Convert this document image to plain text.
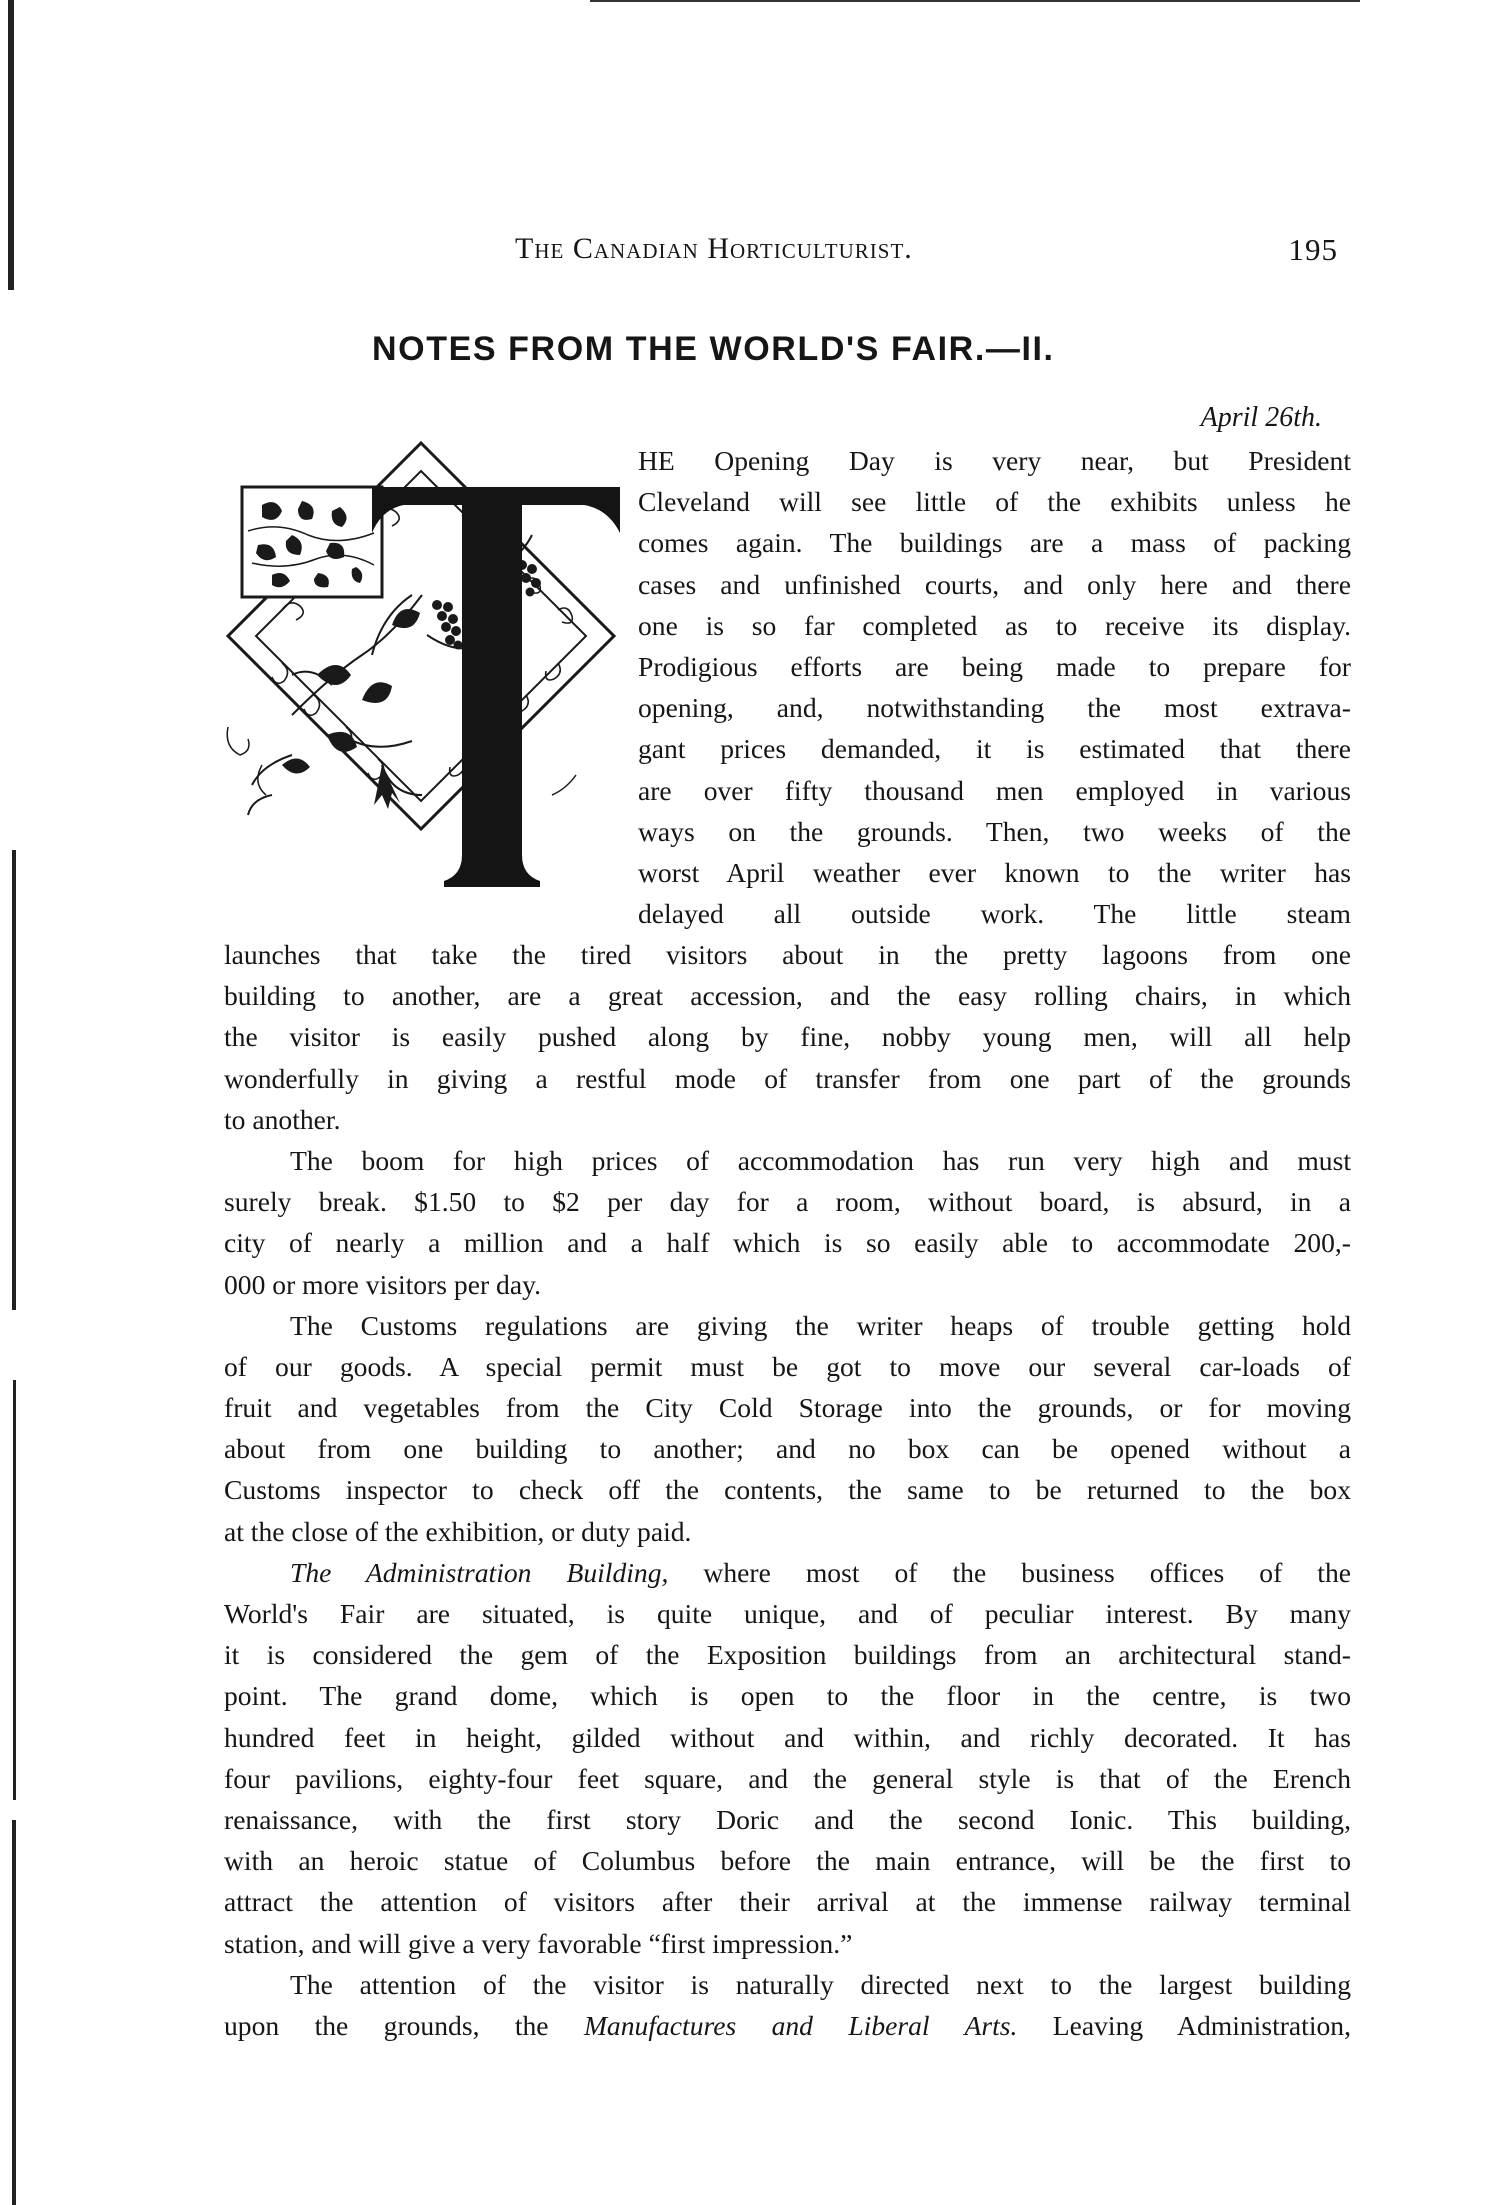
The Canadian Horticulturist.	195
NOTES FROM THE WORLD'S FAIR.—II.
April 26th.
HE Opening Day is very near, but President
Cleveland will see little of the exhibits unless he
comes again. The buildings are a mass of packing
cases and unfinished courts, and only here and there
one is so far completed as to receive its display.
Prodigious efforts are being made to prepare for
opening, and, notwithstanding the most extrava-
gant prices demanded, it is estimated that there
are over fifty thousand men employed in various
ways on the grounds. Then, two weeks of the
worst April weather ever known to the writer has
delayed all outside work. The little steam
launches that take the tired visitors about in the pretty lagoons from one
building to another, are a great accession, and the easy rolling chairs, in which
the visitor is easily pushed along by fine, nobby young men, will all help
wonderfully in giving a restful mode of transfer from one part of the grounds
to another.
The boom for high prices of accommodation has run very high and must
surely break. $1.50 to $2 per day for a room, without board, is absurd, in a
city of nearly a million and a half which is so easily able to accommodate 200,-
000 or more visitors per day.
The Customs regulations are giving the writer heaps of trouble getting hold
of our goods. A special permit must be got to move our several car-loads of
fruit and vegetables from the City Cold Storage into the grounds, or for moving
about from one building to another; and no box can be opened without a
Customs inspector to check off the contents, the same to be returned to the box
at the close of the exhibition, or duty paid.
The Administration Building, where most of the business offices of the
World's Fair are situated, is quite unique, and of peculiar interest. By many
it is considered the gem of the Exposition buildings from an architectural stand-
point. The grand dome, which is open to the floor in the centre, is two
hundred feet in height, gilded without and within, and richly decorated. It has
four pavilions, eighty-four feet square, and the general style is that of the Erench
renaissance, with the first story Doric and the second Ionic. This building,
with an heroic statue of Columbus before the main entrance, will be the first to
attract the attention of visitors after their arrival at the immense railway terminal
station, and will give a very favorable “first impression.”
The attention of the visitor is naturally directed next to the largest building
upon the grounds, the Manufactures and Liberal Arts. Leaving Administration,
